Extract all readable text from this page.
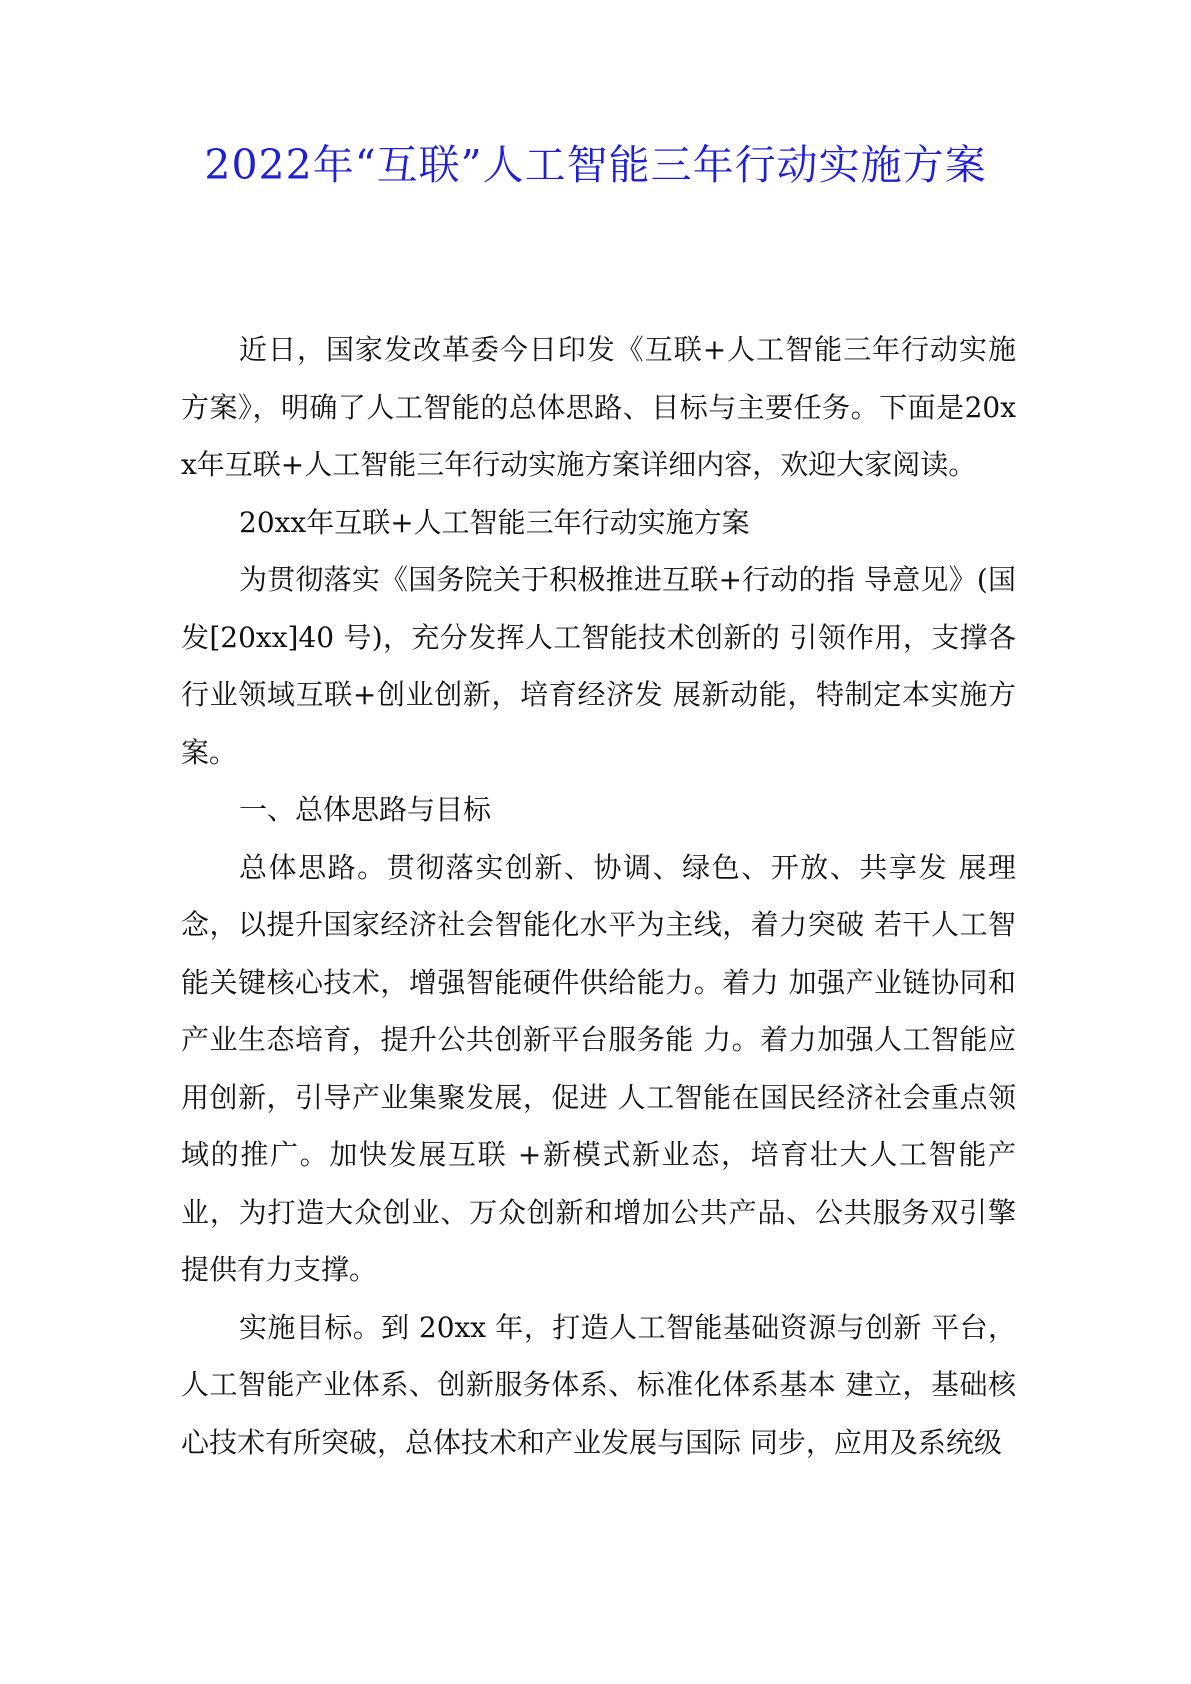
2022年“互联”人工智能三年行动实施方案

近日，国家发改革委今日印发《互联+人工智能三年行动实施方案》，明确了人工智能的总体思路、目标与主要任务。下面是20xx年互联+人工智能三年行动实施方案详细内容，欢迎大家阅读。

20xx年互联+人工智能三年行动实施方案

为贯彻落实《国务院关于积极推进互联+行动的指 导意见》(国发[20xx]40 号)，充分发挥人工智能技术创新的 引领作用，支撑各行业领域互联+创业创新，培育经济发 展新动能，特制定本实施方案。

一、总体思路与目标

总体思路。贯彻落实创新、协调、绿色、开放、共享发 展理念，以提升国家经济社会智能化水平为主线，着力突破 若干人工智能关键核心技术，增强智能硬件供给能力。着力 加强产业链协同和产业生态培育，提升公共创新平台服务能 力。着力加强人工智能应用创新，引导产业集聚发展，促进 人工智能在国民经济社会重点领域的推广。加快发展互联 +新模式新业态，培育壮大人工智能产业，为打造大众创业、万众创新和增加公共产品、公共服务双引擎提供有力支撑。

实施目标。到 20xx 年，打造人工智能基础资源与创新 平台，人工智能产业体系、创新服务体系、标准化体系基本 建立，基础核心技术有所突破，总体技术和产业发展与国际 同步，应用及系统级
